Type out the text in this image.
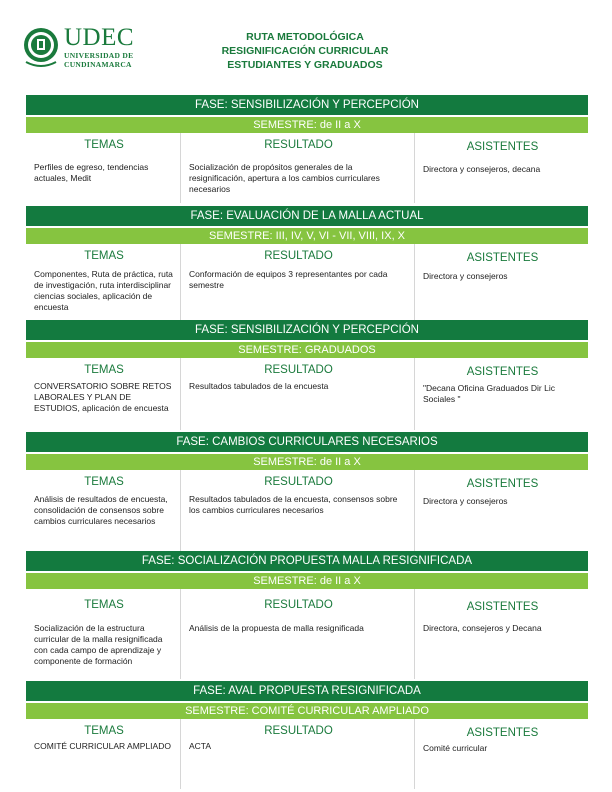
UDEC
UNIVERSIDAD DE
CUNDINAMARCA
RUTA METODOLÓGICA
RESIGNIFICACIÓN CURRICULAR
ESTUDIANTES Y GRADUADOS
FASE: SENSIBILIZACIÓN Y PERCEPCIÓN
SEMESTRE: de II a X
TEMAS
Perfiles de egreso, tendencias actuales, Medit
RESULTADO
Socialización de propósitos generales de la resignificación, apertura a los cambios curriculares necesarios
ASISTENTES
Directora y consejeros, decana
FASE: EVALUACIÓN DE LA MALLA ACTUAL
SEMESTRE: III, IV, V, VI - VII, VIII, IX, X
TEMAS
Componentes, Ruta de práctica, ruta de investigación, ruta interdisciplinar ciencias sociales, aplicación de encuesta
RESULTADO
Conformación de equipos 3 representantes por cada semestre
ASISTENTES
Directora y consejeros
FASE: SENSIBILIZACIÓN Y PERCEPCIÓN
SEMESTRE: GRADUADOS
TEMAS
CONVERSATORIO SOBRE RETOS LABORALES Y PLAN DE ESTUDIOS, aplicación de encuesta
RESULTADO
Resultados tabulados de la encuesta
ASISTENTES
"Decana Oficina Graduados Dir Lic Sociales "
FASE: CAMBIOS CURRICULARES NECESARIOS
SEMESTRE: de II a X
TEMAS
Análisis de resultados de encuesta, consolidación de consensos sobre cambios curriculares necesarios
RESULTADO
Resultados tabulados de la encuesta, consensos sobre los cambios curriculares necesarios
ASISTENTES
Directora y consejeros
FASE: SOCIALIZACIÓN PROPUESTA MALLA RESIGNIFICADA
SEMESTRE: de II a X
TEMAS
Socialización de la estructura curricular de la malla resignificada con cada campo de aprendizaje y componente de formación
RESULTADO
Análisis de la propuesta de malla resignificada
ASISTENTES
Directora, consejeros y Decana
FASE: AVAL PROPUESTA RESIGNIFICADA
SEMESTRE: COMITÉ CURRICULAR AMPLIADO
TEMAS
COMITÉ CURRICULAR AMPLIADO
RESULTADO
ACTA
ASISTENTES
Comité curricular
